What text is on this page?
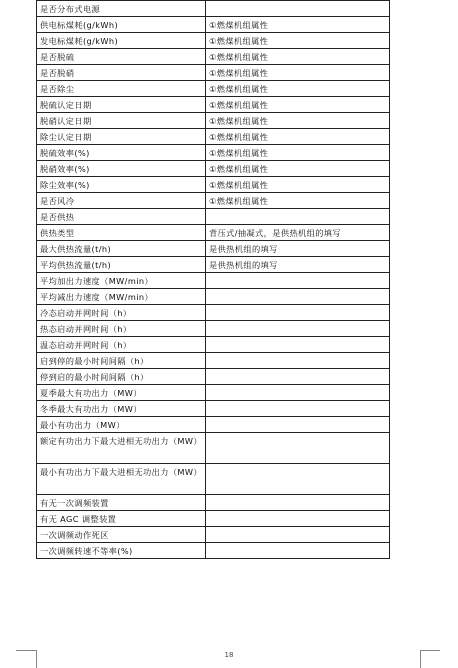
是否分布式电源	
供电标煤耗(g/kWh)	①燃煤机组属性
发电标煤耗(g/kWh)	①燃煤机组属性
是否脱硫	①燃煤机组属性
是否脱硝	①燃煤机组属性
是否除尘	①燃煤机组属性
脱硫认定日期	①燃煤机组属性
脱硝认定日期	①燃煤机组属性
除尘认定日期	①燃煤机组属性
脱硫效率(%)	①燃煤机组属性
脱硝效率(%)	①燃煤机组属性
除尘效率(%)	①燃煤机组属性
是否风冷	①燃煤机组属性
是否供热	
供热类型	背压式/抽凝式，是供热机组的填写
最大供热流量(t/h)	是供热机组的填写
平均供热流量(t/h)	是供热机组的填写
平均加出力速度（MW/min）	
平均减出力速度（MW/min）	
冷态启动并网时间（h）	
热态启动并网时间（h）	
温态启动并网时间（h）	
启到停的最小时间间隔（h）	
停到启的最小时间间隔（h）	
夏季最大有功出力（MW）	
冬季最大有功出力（MW）	
最小有功出力（MW）	
额定有功出力下最大进相无功出力（MW）	
最小有功出力下最大进相无功出力（MW）	
有无一次调频装置	
有无 AGC 调整装置	
一次调频动作死区	
一次调频转速不等率(%)	
18
